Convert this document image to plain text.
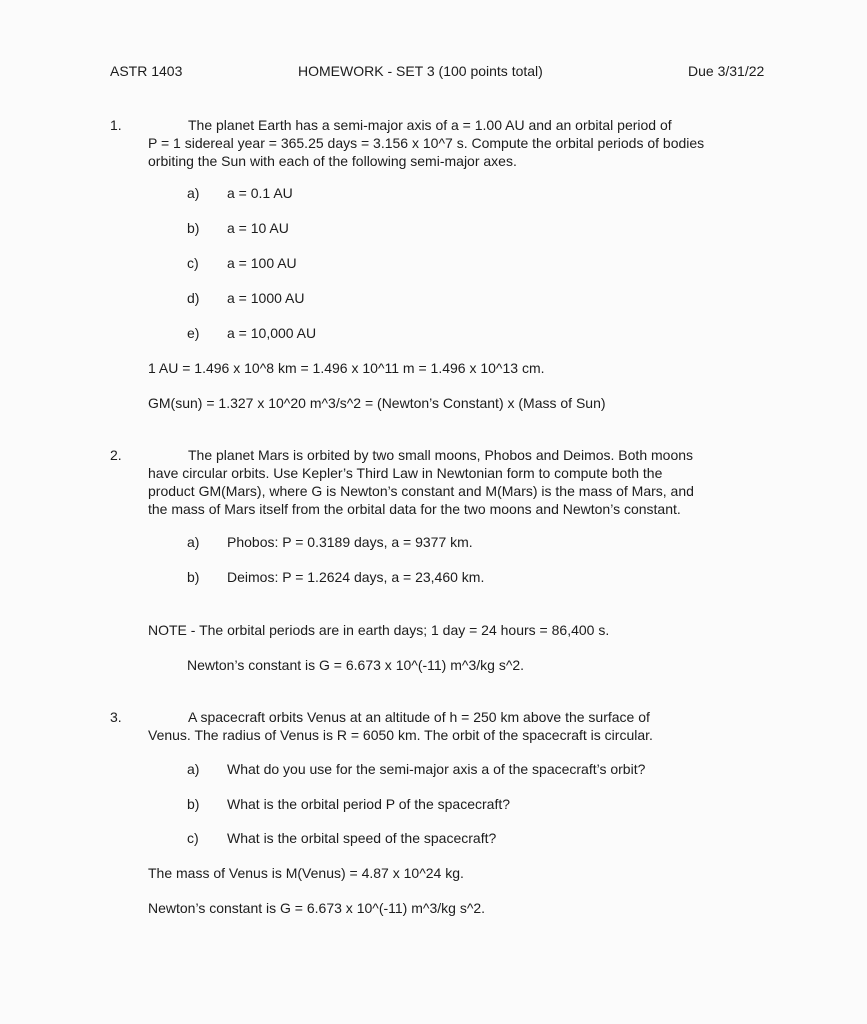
ASTR 1403	HOMEWORK - SET 3 (100 points total)	Due 3/31/22
1.	The planet Earth has a semi-major axis of a = 1.00 AU and an orbital period of
P = 1 sidereal year = 365.25 days = 3.156 x 10^7 s. Compute the orbital periods of bodies
orbiting the Sun with each of the following semi-major axes.
a) a = 0.1 AU
b) a = 10 AU
c) a = 100 AU
d) a = 1000 AU
e) a = 10,000 AU
1 AU = 1.496 x 10^8 km = 1.496 x 10^11 m = 1.496 x 10^13 cm.
GM(sun) = 1.327 x 10^20 m^3/s^2 = (Newton’s Constant) x (Mass of Sun)
2.	The planet Mars is orbited by two small moons, Phobos and Deimos. Both moons
have circular orbits. Use Kepler’s Third Law in Newtonian form to compute both the
product GM(Mars), where G is Newton’s constant and M(Mars) is the mass of Mars, and
the mass of Mars itself from the orbital data for the two moons and Newton’s constant.
a) Phobos: P = 0.3189 days, a = 9377 km.
b) Deimos: P = 1.2624 days, a = 23,460 km.
NOTE - The orbital periods are in earth days; 1 day = 24 hours = 86,400 s.
Newton’s constant is G = 6.673 x 10^(-11) m^3/kg s^2.
3.	A spacecraft orbits Venus at an altitude of h = 250 km above the surface of
Venus. The radius of Venus is R = 6050 km. The orbit of the spacecraft is circular.
a) What do you use for the semi-major axis a of the spacecraft’s orbit?
b) What is the orbital period P of the spacecraft?
c) What is the orbital speed of the spacecraft?
The mass of Venus is M(Venus) = 4.87 x 10^24 kg.
Newton’s constant is G = 6.673 x 10^(-11) m^3/kg s^2.
